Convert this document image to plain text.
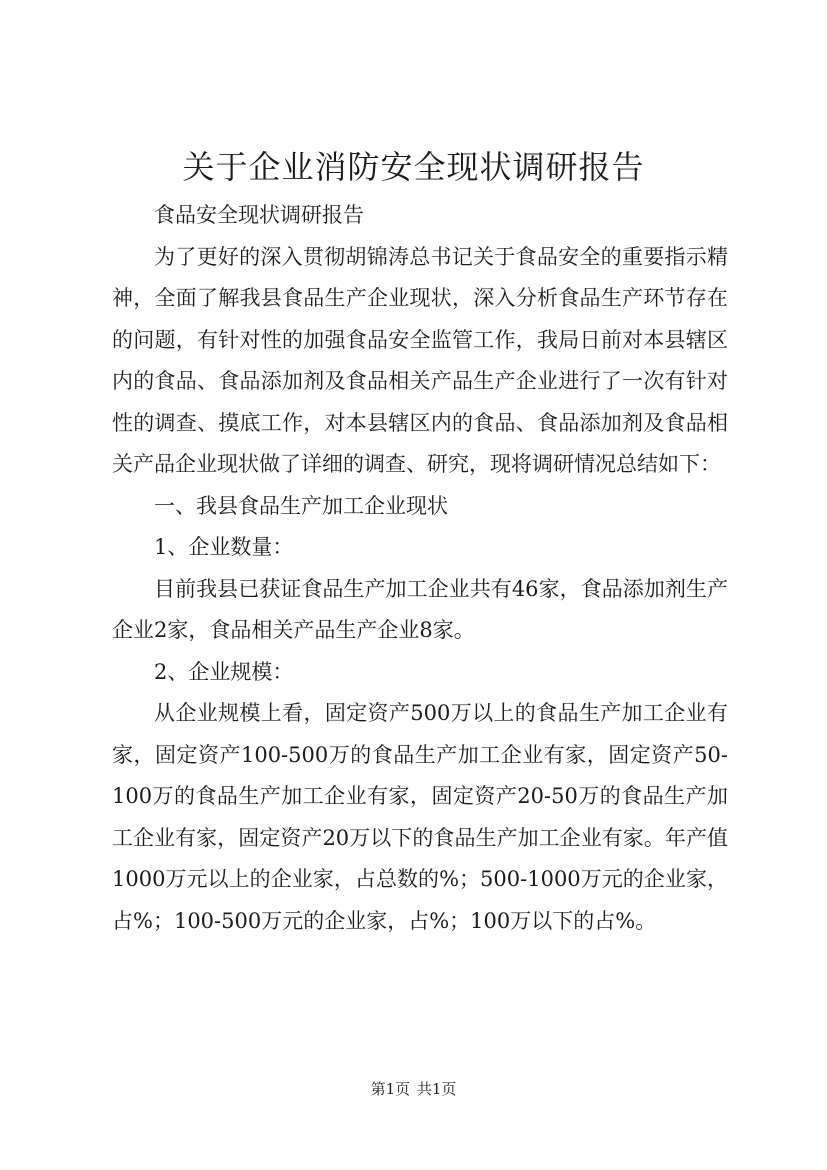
关于企业消防安全现状调研报告

食品安全现状调研报告

为了更好的深入贯彻胡锦涛总书记关于食品安全的重要指示精神，全面了解我县食品生产企业现状，深入分析食品生产环节存在的问题，有针对性的加强食品安全监管工作，我局日前对本县辖区内的食品、食品添加剂及食品相关产品生产企业进行了一次有针对性的调查、摸底工作，对本县辖区内的食品、食品添加剂及食品相关产品企业现状做了详细的调查、研究，现将调研情况总结如下：

一、我县食品生产加工企业现状

1、企业数量：

目前我县已获证食品生产加工企业共有46家，食品添加剂生产企业2家，食品相关产品生产企业8家。

2、企业规模：

从企业规模上看，固定资产500万以上的食品生产加工企业有家，固定资产100-500万的食品生产加工企业有家，固定资产50-100万的食品生产加工企业有家，固定资产20-50万的食品生产加工企业有家，固定资产20万以下的食品生产加工企业有家。年产值1000万元以上的企业家，占总数的%；500-1000万元的企业家，占%；100-500万元的企业家，占%；100万以下的占%。

第1页 共1页
